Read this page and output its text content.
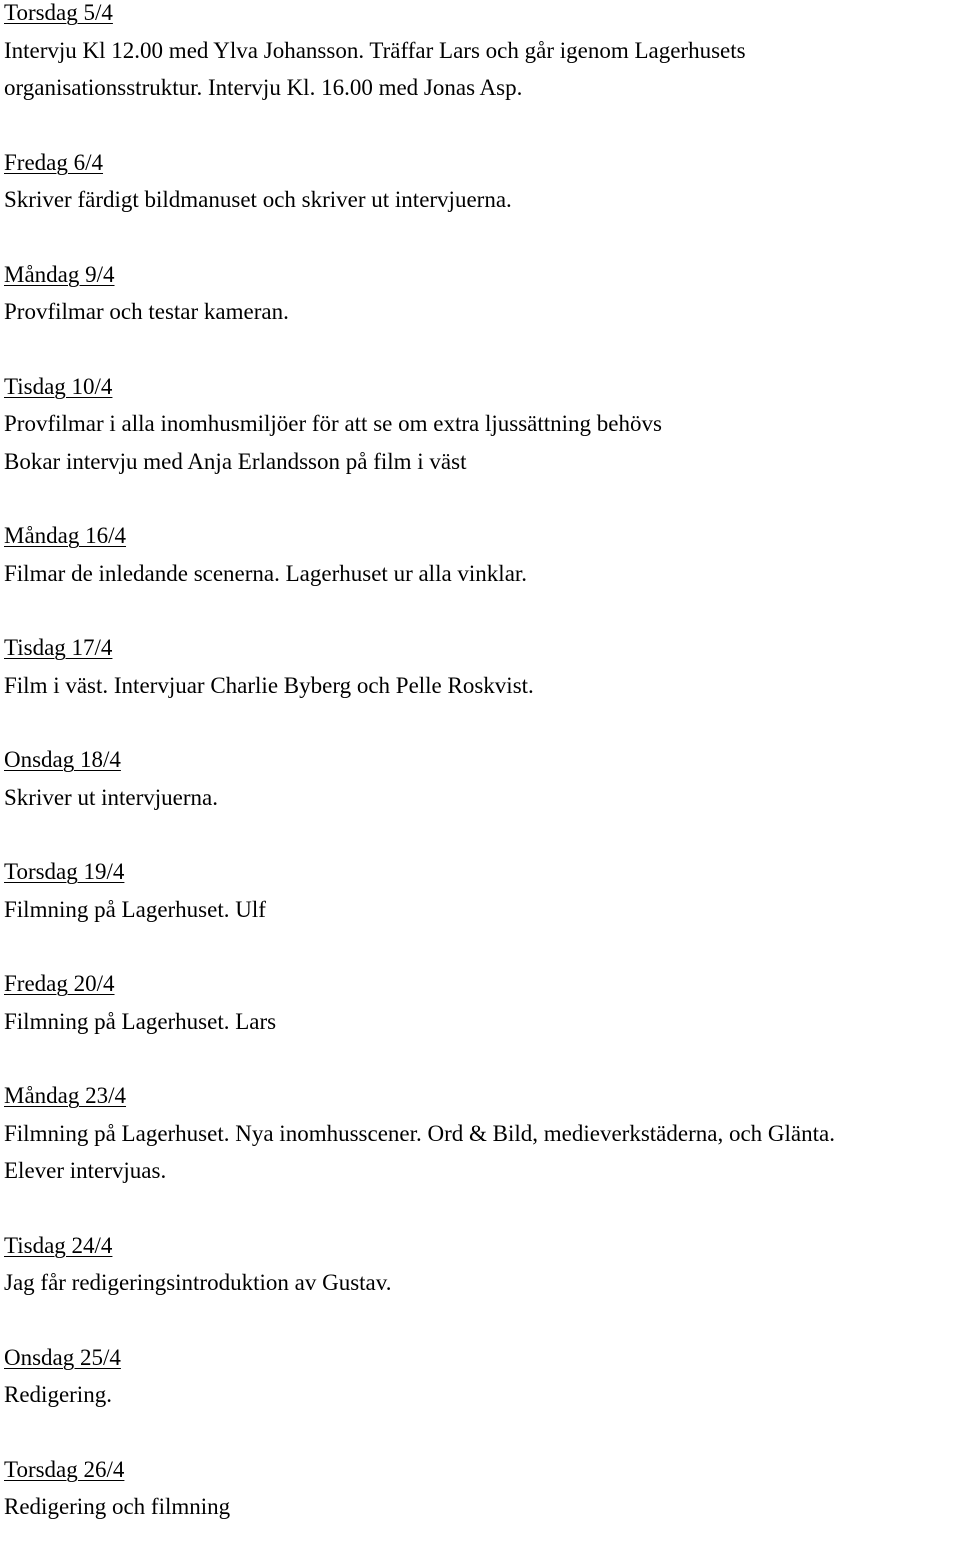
Torsdag 5/4
Intervju Kl 12.00 med Ylva Johansson. Träffar Lars och går igenom Lagerhusets
organisationsstruktur. Intervju Kl. 16.00 med Jonas Asp.
Fredag 6/4
Skriver färdigt bildmanuset och skriver ut intervjuerna.
Måndag 9/4
Provfilmar och testar kameran.
Tisdag 10/4
Provfilmar i alla inomhusmiljöer för att se om extra ljussättning behövs
Bokar intervju med Anja Erlandsson på film i väst
Måndag 16/4
Filmar de inledande scenerna. Lagerhuset ur alla vinklar.
Tisdag 17/4
Film i väst. Intervjuar Charlie Byberg och Pelle Roskvist.
Onsdag 18/4
Skriver ut intervjuerna.
Torsdag 19/4
Filmning på Lagerhuset. Ulf
Fredag 20/4
Filmning på Lagerhuset. Lars
Måndag 23/4
Filmning på Lagerhuset. Nya inomhusscener. Ord & Bild, medieverkstäderna, och Glänta.
Elever intervjuas.
Tisdag 24/4
Jag får redigeringsintroduktion av Gustav.
Onsdag 25/4
Redigering.
Torsdag 26/4
Redigering och filmning
